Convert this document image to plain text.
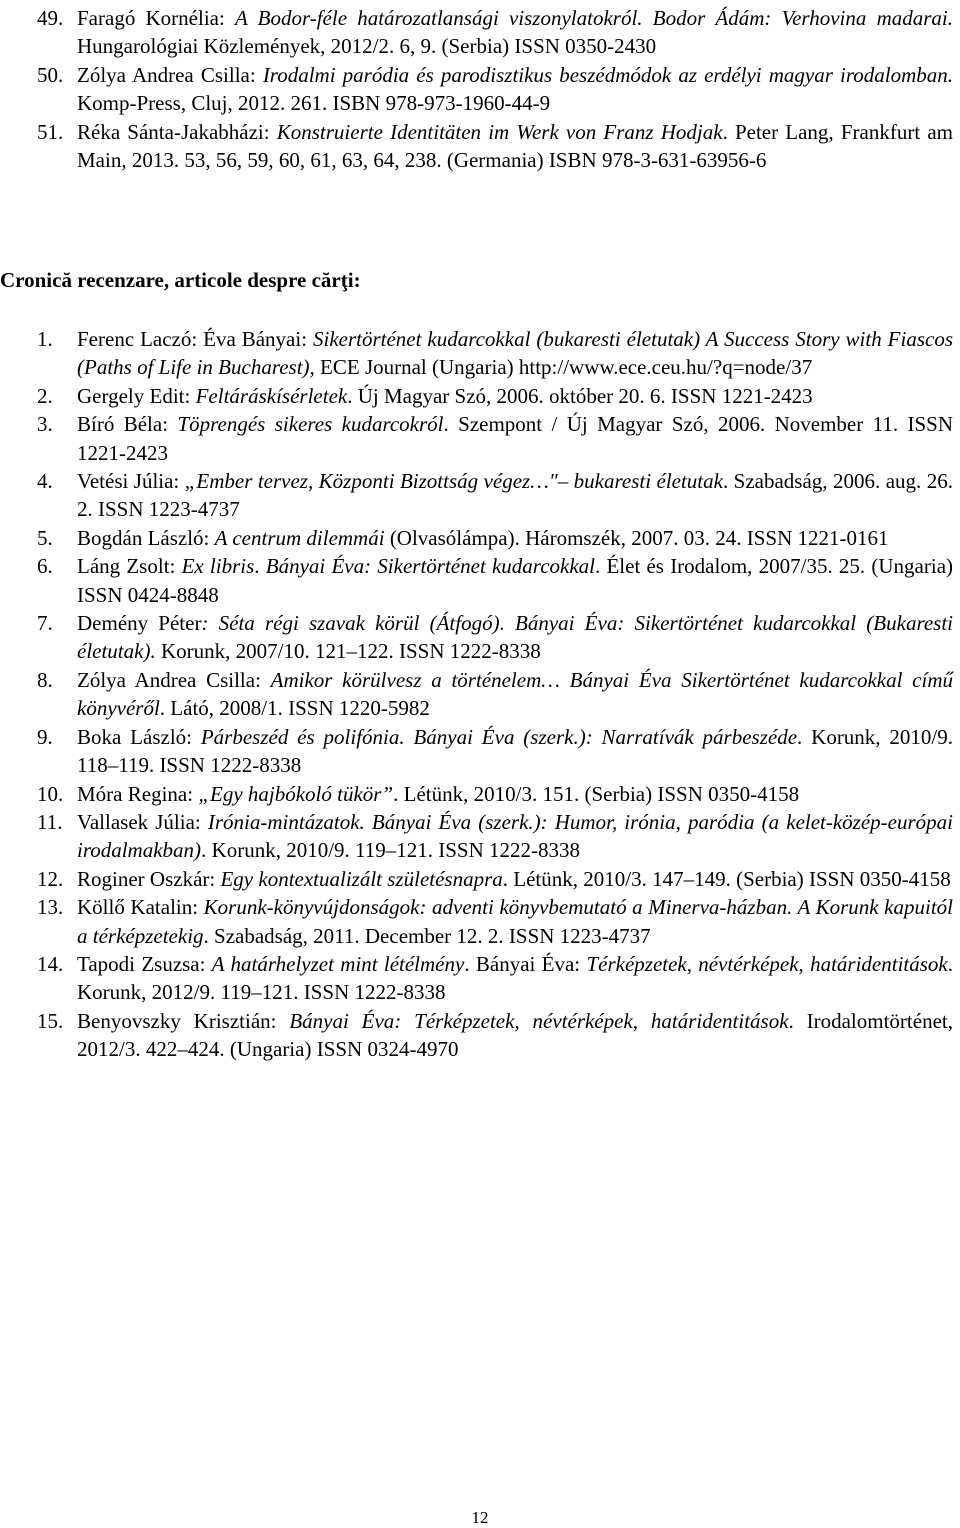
49. Faragó Kornélia: A Bodor-féle határozatlansági viszonylatokról. Bodor Ádám: Verhovina madarai. Hungarológiai Közlemények, 2012/2. 6, 9. (Serbia) ISSN 0350-2430
50. Zólya Andrea Csilla: Irodalmi paródia és parodisztikus beszédmódok az erdélyi magyar irodalomban. Komp-Press, Cluj, 2012. 261. ISBN 978-973-1960-44-9
51. Réka Sánta-Jakabházi: Konstruierte Identitäten im Werk von Franz Hodjak. Peter Lang, Frankfurt am Main, 2013. 53, 56, 59, 60, 61, 63, 64, 238. (Germania) ISBN 978-3-631-63956-6
Cronică recenzare, articole despre cărţi:
1. Ferenc Laczó: Éva Bányai: Sikertörténet kudarcokkal (bukaresti életutak) A Success Story with Fiascos (Paths of Life in Bucharest), ECE Journal (Ungaria) http://www.ece.ceu.hu/?q=node/37
2. Gergely Edit: Feltáráskísérletek. Új Magyar Szó, 2006. október 20. 6. ISSN 1221-2423
3. Bíró Béla: Töprengés sikeres kudarcokról. Szempont / Új Magyar Szó, 2006. November 11. ISSN 1221-2423
4. Vetési Júlia: „Ember tervez, Központi Bizottság végez…"– bukaresti életutak. Szabadság, 2006. aug. 26. 2. ISSN 1223-4737
5. Bogdán László: A centrum dilemmái (Olvasólámpa). Háromszék, 2007. 03. 24. ISSN 1221-0161
6. Láng Zsolt: Ex libris. Bányai Éva: Sikertörténet kudarcokkal. Élet és Irodalom, 2007/35. 25. (Ungaria) ISSN 0424-8848
7. Demény Péter: Séta régi szavak körül (Átfogó). Bányai Éva: Sikertörténet kudarcokkal (Bukaresti életutak). Korunk, 2007/10. 121–122. ISSN 1222-8338
8. Zólya Andrea Csilla: Amikor körülvesz a történelem… Bányai Éva Sikertörténet kudarcokkal című könyvéről. Látó, 2008/1. ISSN 1220-5982
9. Boka László: Párbeszéd és polifónia. Bányai Éva (szerk.): Narratívák párbeszéde. Korunk, 2010/9. 118–119. ISSN 1222-8338
10. Móra Regina: „Egy hajbókoló tükör”. Létünk, 2010/3. 151. (Serbia) ISSN 0350-4158
11. Vallasek Júlia: Irónia-mintázatok. Bányai Éva (szerk.): Humor, irónia, paródia (a kelet-közép-európai irodalmakban). Korunk, 2010/9. 119–121. ISSN 1222-8338
12. Roginer Oszkár: Egy kontextualizált születésnapra. Létünk, 2010/3. 147–149. (Serbia) ISSN 0350-4158
13. Köllő Katalin: Korunk-könyvújdonságok: adventi könyvbemutató a Minerva-házban. A Korunk kapuitól a térképzetekig. Szabadság, 2011. December 12. 2. ISSN 1223-4737
14. Tapodi Zsuzsa: A határhelyzet mint létélmény. Bányai Éva: Térképzetek, névtérképek, határidentitások. Korunk, 2012/9. 119–121. ISSN 1222-8338
15. Benyovszky Krisztián: Bányai Éva: Térképzetek, névtérképek, határidentitások. Irodalomtörténet, 2012/3. 422–424. (Ungaria) ISSN 0324-4970
12
